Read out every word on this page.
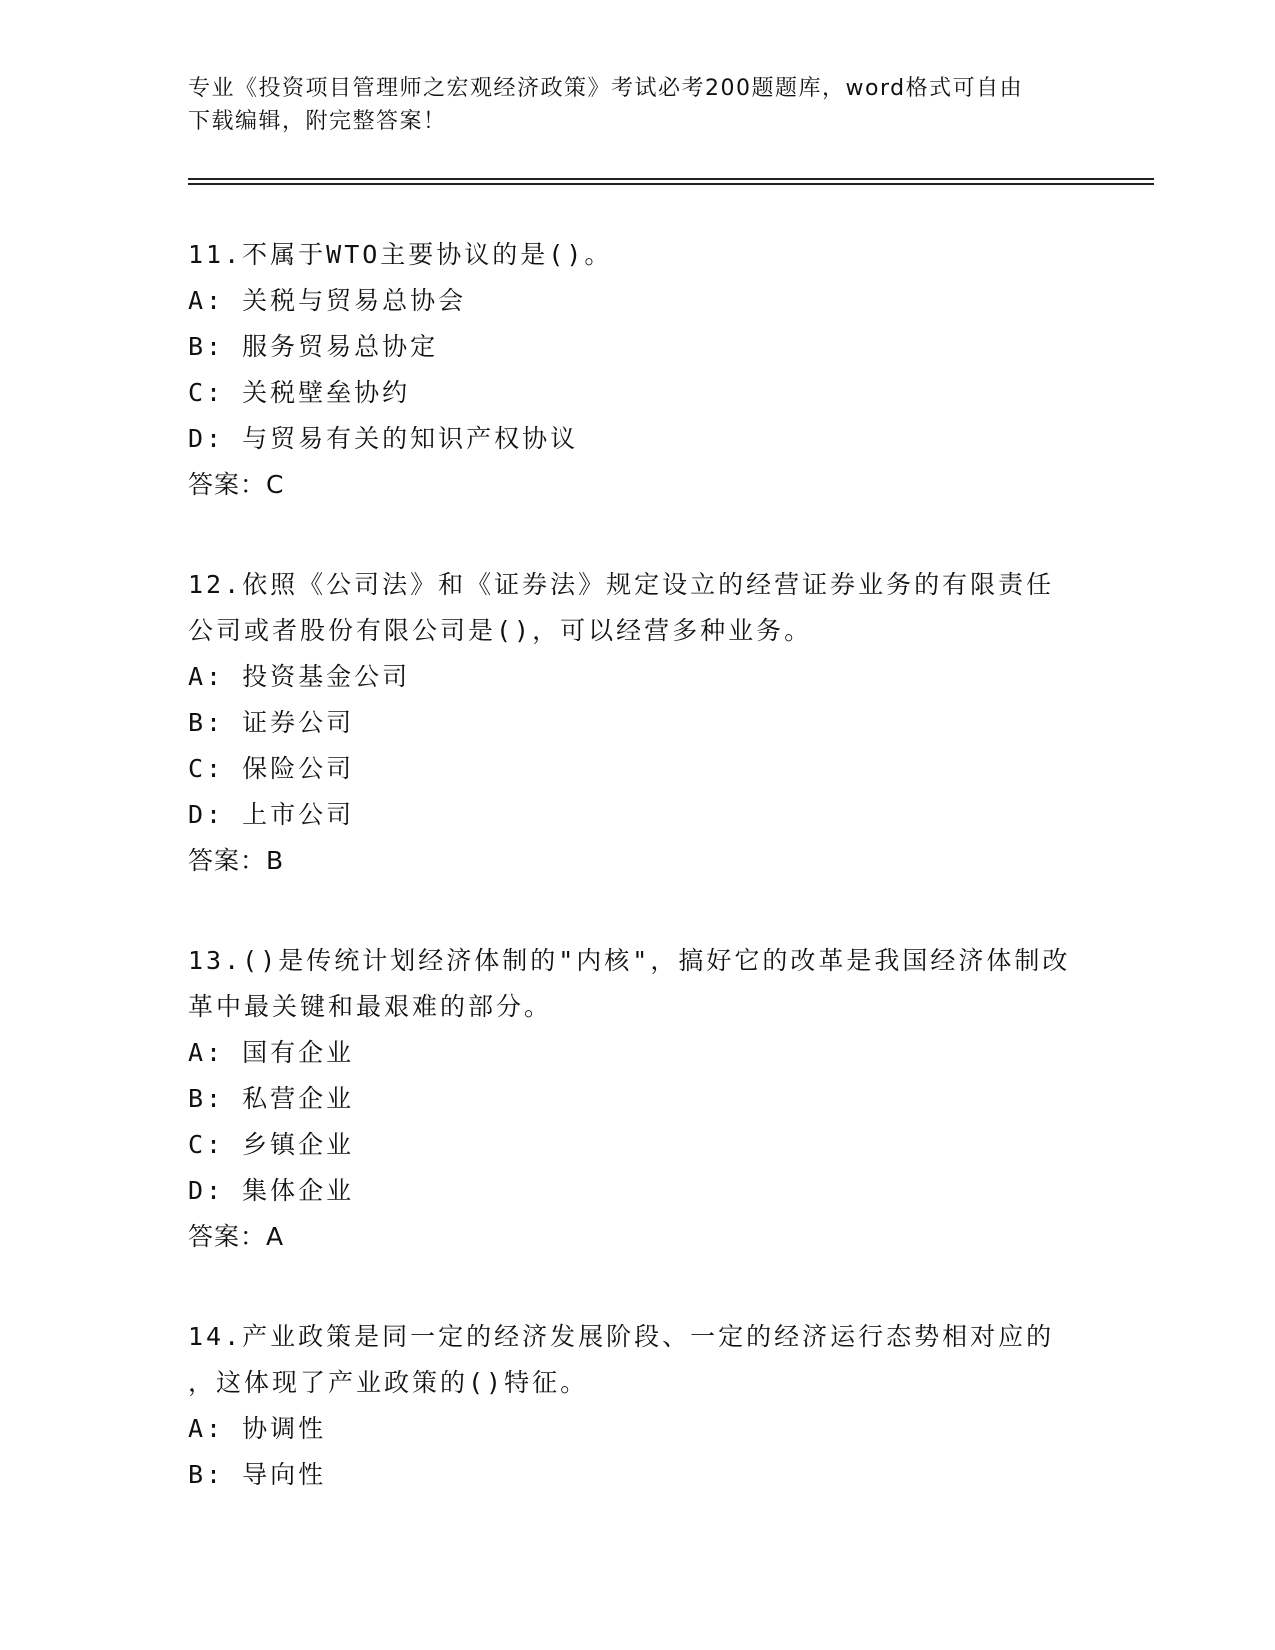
专业《投资项目管理师之宏观经济政策》考试必考200题题库，word格式可自由
下载编辑，附完整答案！

11.不属于WTO主要协议的是()。

A: 关税与贸易总协会

B: 服务贸易总协定

C: 关税壁垒协约

D: 与贸易有关的知识产权协议

答案：C

12.依照《公司法》和《证券法》规定设立的经营证券业务的有限责任

公司或者股份有限公司是()，可以经营多种业务。

A: 投资基金公司

B: 证券公司

C: 保险公司

D: 上市公司

答案：B

13.()是传统计划经济体制的"内核"，搞好它的改革是我国经济体制改

革中最关键和最艰难的部分。

A: 国有企业

B: 私营企业

C: 乡镇企业

D: 集体企业

答案：A

14.产业政策是同一定的经济发展阶段、一定的经济运行态势相对应的

，这体现了产业政策的()特征。

A: 协调性

B: 导向性
